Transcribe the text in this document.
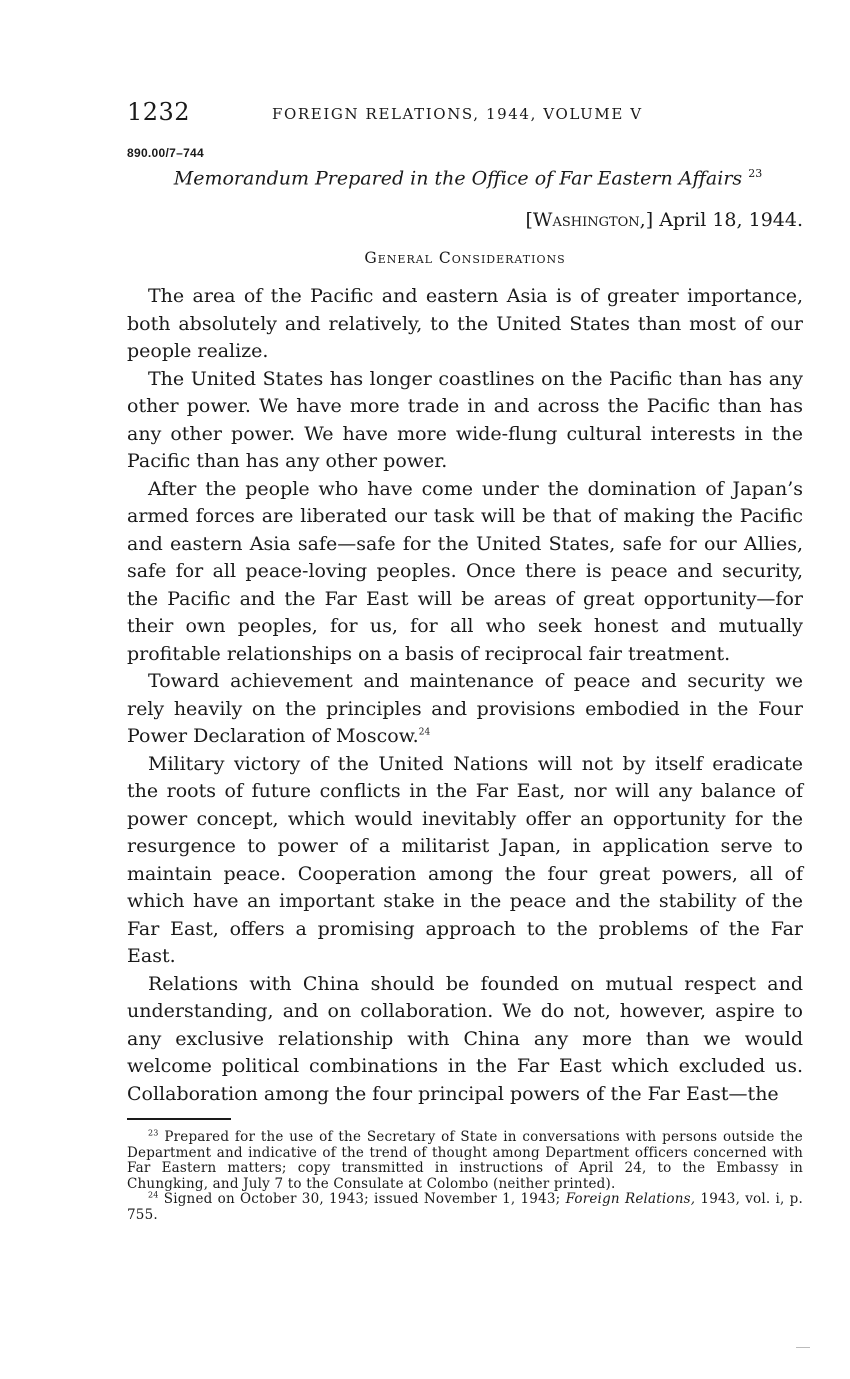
1232	FOREIGN RELATIONS, 1944, VOLUME V
890.00/7–744
Memorandum Prepared in the Office of Far Eastern Affairs $^{23}$
[Washington,] April 18, 1944.
General Considerations

The area of the Pacific and eastern Asia is of greater importance, both absolutely and relatively, to the United States than most of our people realize.

The United States has longer coastlines on the Pacific than has any other power. We have more trade in and across the Pacific than has any other power. We have more wide-flung cultural interests in the Pacific than has any other power.

After the people who have come under the domination of Japan’s armed forces are liberated our task will be that of making the Pacific and eastern Asia safe—safe for the United States, safe for our Allies, safe for all peace-loving peoples. Once there is peace and security, the Pacific and the Far East will be areas of great opportunity—for their own peoples, for us, for all who seek honest and mutually profitable relationships on a basis of reciprocal fair treatment.

Toward achievement and maintenance of peace and security we rely heavily on the principles and provisions embodied in the Four Power Declaration of Moscow.$^{24}$

Military victory of the United Nations will not by itself eradicate the roots of future conflicts in the Far East, nor will any balance of power concept, which would inevitably offer an opportunity for the resurgence to power of a militarist Japan, in application serve to maintain peace. Cooperation among the four great powers, all of which have an important stake in the peace and the stability of the Far East, offers a promising approach to the problems of the Far East.

Relations with China should be founded on mutual respect and understanding, and on collaboration. We do not, however, aspire to any exclusive relationship with China any more than we would welcome political combinations in the Far East which excluded us. Collaboration among the four principal powers of the Far East—the

$^{23}$ Prepared for the use of the Secretary of State in conversations with persons outside the Department and indicative of the trend of thought among Department officers concerned with Far Eastern matters; copy transmitted in instructions of April 24, to the Embassy in Chungking, and July 7 to the Consulate at Colombo (neither printed).

$^{24}$ Signed on October 30, 1943; issued November 1, 1943; Foreign Relations, 1943, vol. i, p. 755.
